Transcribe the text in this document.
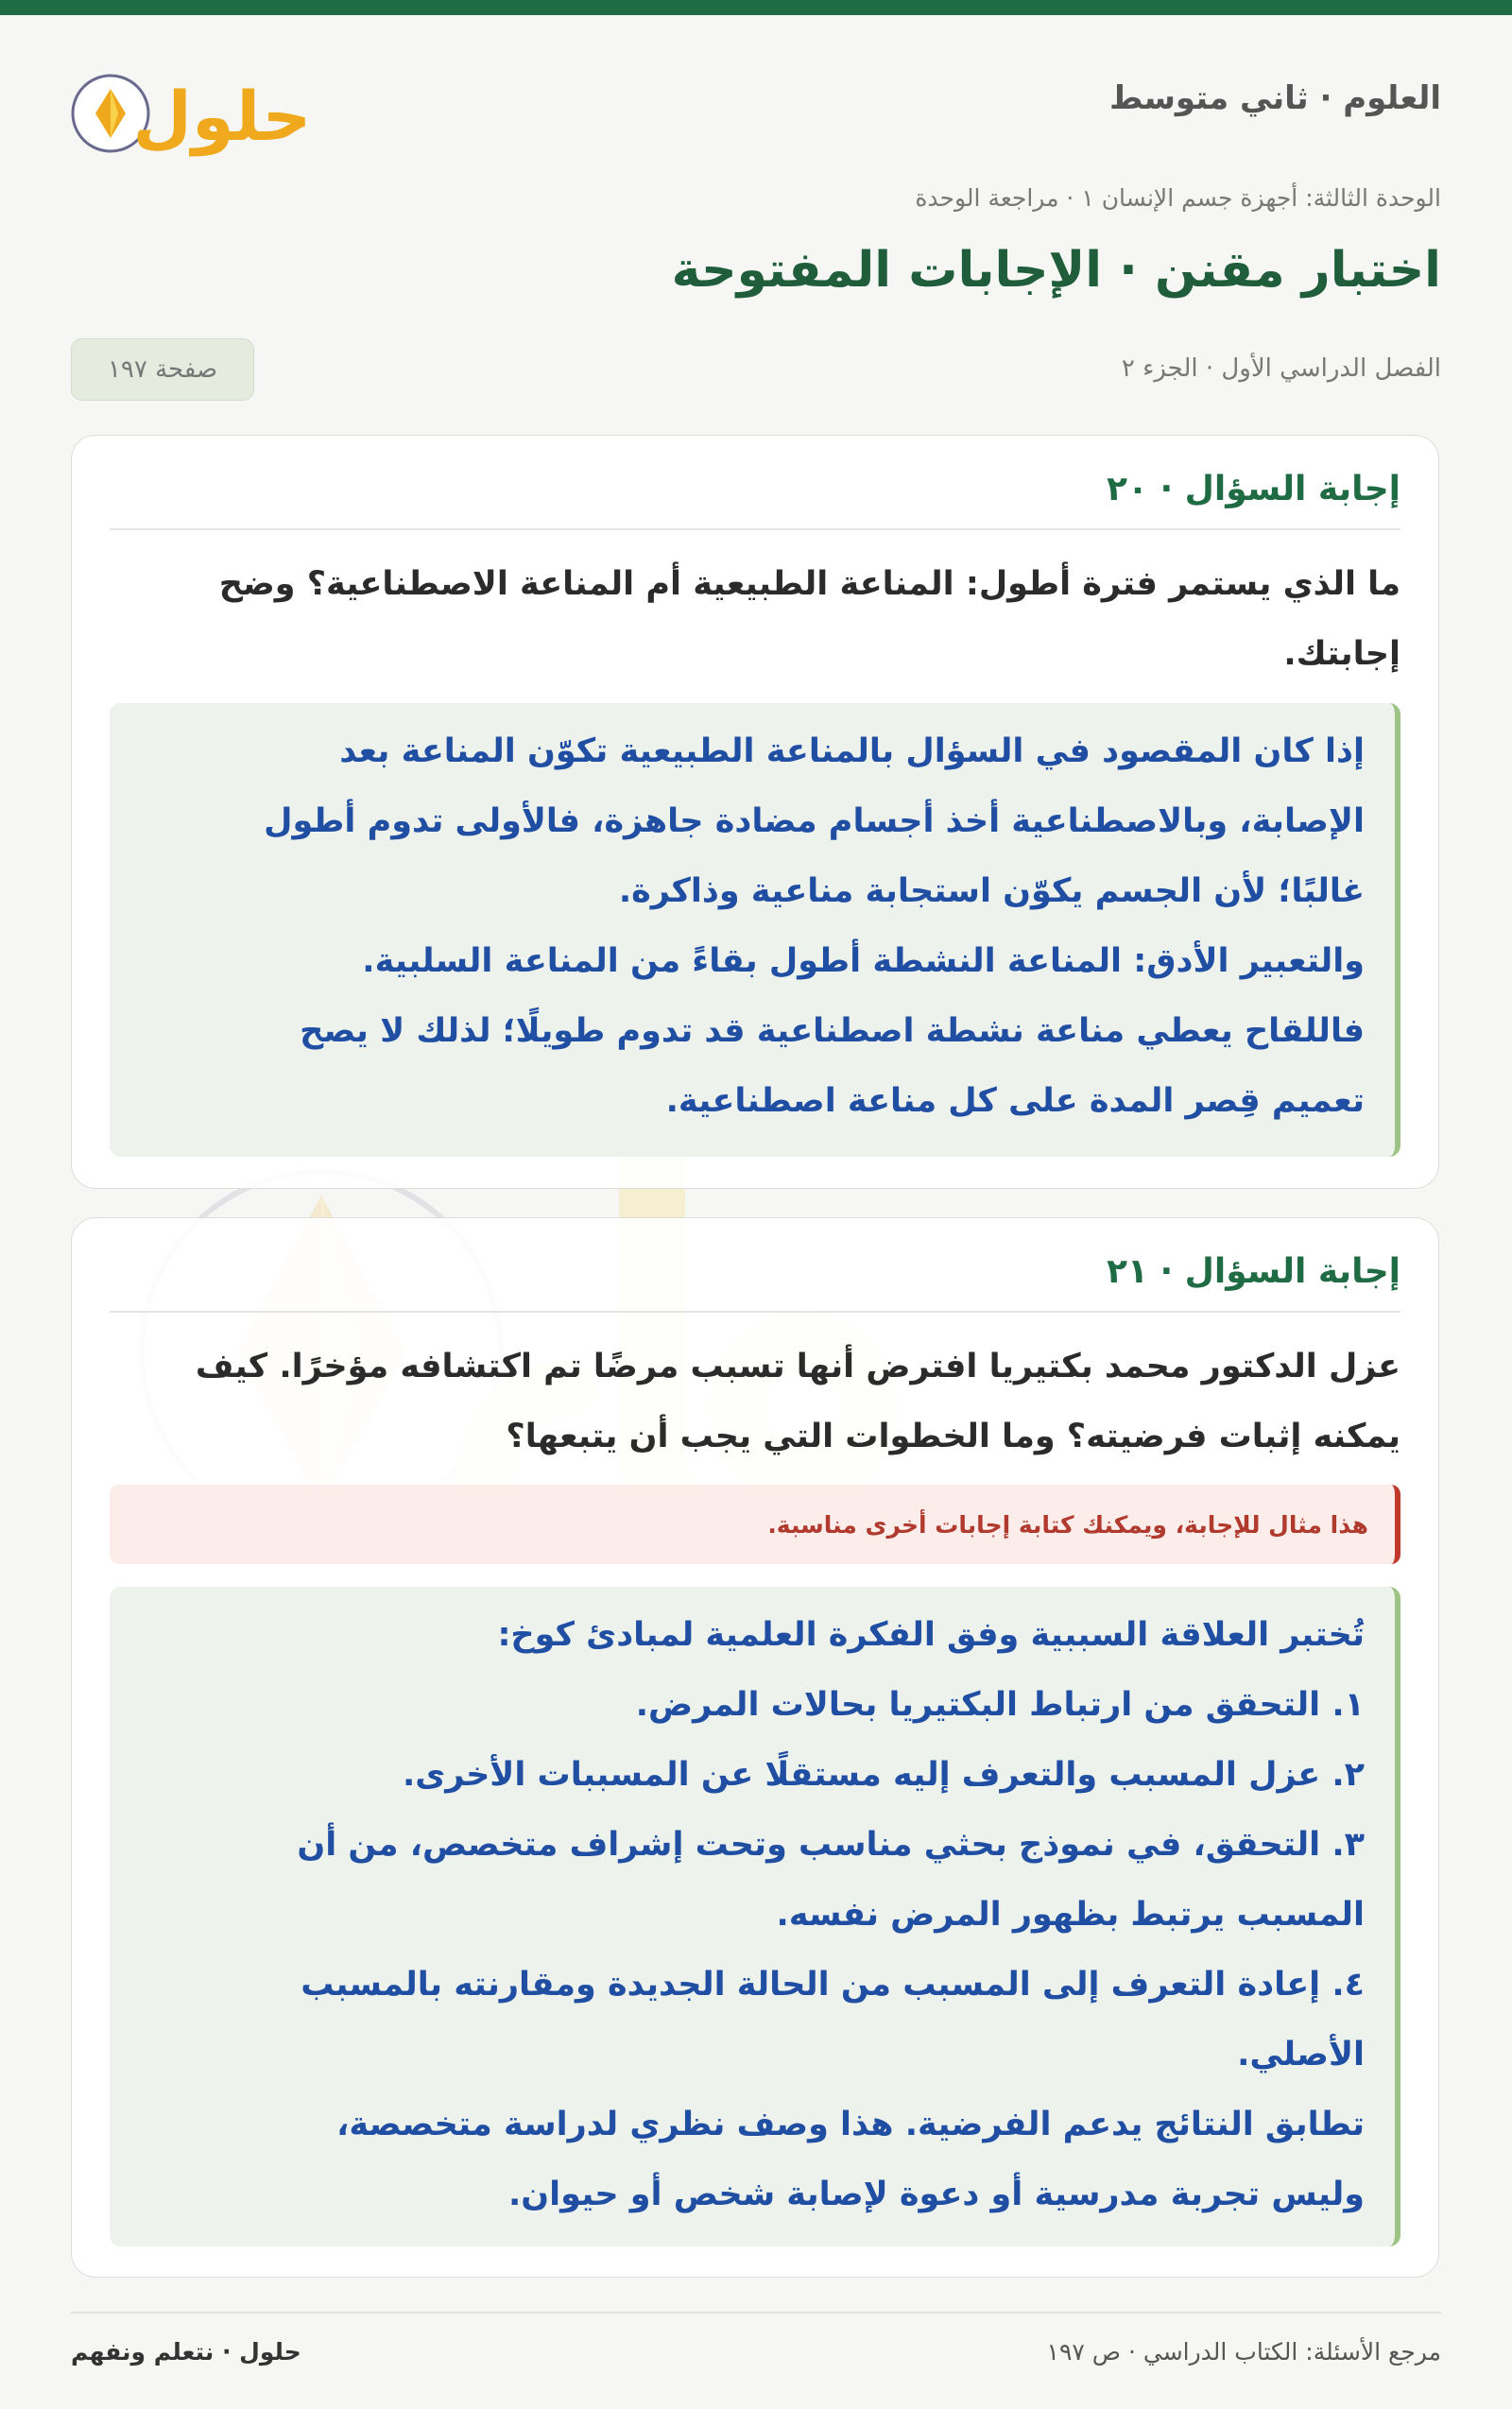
العلوم · ثاني متوسط
حلول
الوحدة الثالثة: أجهزة جسم الإنسان ١ · مراجعة الوحدة
اختبار مقنن · الإجابات المفتوحة
الفصل الدراسي الأول · الجزء ٢
صفحة ١٩٧
إجابة السؤال · ٢٠

ما الذي يستمر فترة أطول: المناعة الطبيعية أم المناعة الاصطناعية؟ وضح
إجابتك.

إذا كان المقصود في السؤال بالمناعة الطبيعية تكوّن المناعة بعد

الإصابة، وبالاصطناعية أخذ أجسام مضادة جاهزة، فالأولى تدوم أطول

غالبًا؛ لأن الجسم يكوّن استجابة مناعية وذاكرة.

والتعبير الأدق: المناعة النشطة أطول بقاءً من المناعة السلبية.

فاللقاح يعطي مناعة نشطة اصطناعية قد تدوم طويلًا؛ لذلك لا يصح

تعميم قِصر المدة على كل مناعة اصطناعية.

إجابة السؤال · ٢١

عزل الدكتور محمد بكتيريا افترض أنها تسبب مرضًا تم اكتشافه مؤخرًا. كيف
يمكنه إثبات فرضيته؟ وما الخطوات التي يجب أن يتبعها؟

هذا مثال للإجابة، ويمكنك كتابة إجابات أخرى مناسبة.

تُختبر العلاقة السببية وفق الفكرة العلمية لمبادئ كوخ:

١. التحقق من ارتباط البكتيريا بحالات المرض.

٢. عزل المسبب والتعرف إليه مستقلًا عن المسببات الأخرى.

٣. التحقق، في نموذج بحثي مناسب وتحت إشراف متخصص، من أن

المسبب يرتبط بظهور المرض نفسه.

٤. إعادة التعرف إلى المسبب من الحالة الجديدة ومقارنته بالمسبب

الأصلي.

تطابق النتائج يدعم الفرضية. هذا وصف نظري لدراسة متخصصة،

وليس تجربة مدرسية أو دعوة لإصابة شخص أو حيوان.

مرجع الأسئلة: الكتاب الدراسي · ص ١٩٧
حلول · نتعلم ونفهم
